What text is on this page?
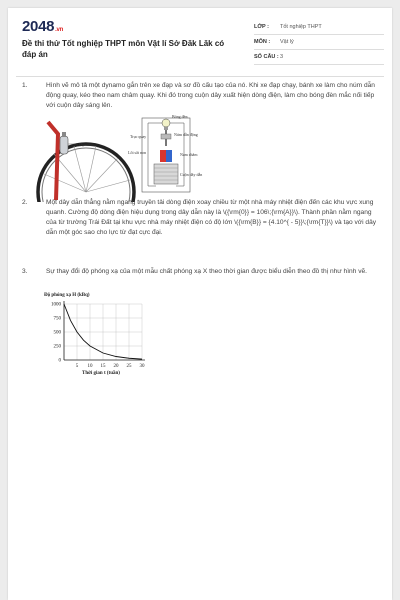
2048.vn
Đề thi thử Tốt nghiệp THPT môn Vật lí Sở Đăk Lăk có đáp án
LỚP :	Tốt nghiệp THPT
MÔN :	Vật lý
SỐ CÂU : 3
1.	Hình vẽ mô tả một dynamo gắn trên xe đạp và sơ đồ cấu tạo của nó. Khi xe đạp chạy, bánh xe làm cho núm dẫn động quay, kéo theo nam châm quay. Khi đó trong cuộn dây xuất hiện dòng điện, làm cho bóng đèn mắc nối tiếp với cuộn dây sáng lên.
Dynamo
Trục quay
Lõi sắt non
Bóng đèn
Núm dẫn động
Nam châm
Cuộn dây dẫn
2.	Một dây dẫn thẳng nằm ngang truyền tải dòng điện xoay chiều từ một nhà máy nhiệt điện đến các khu vực xung quanh. Cường độ dòng điện hiệu dụng trong dây dẫn này là \({\rm{0}} = 106\;{\rm{A}}\). Thành phần nằm ngang của từ trường Trái Đất tại khu vực nhà máy nhiệt điện có độ lớn \({\rm{B}} = {4.10^{ - 5}}\;{\rm{T}}\) và tạo với dây dẫn một góc sao cho lực từ đạt cực đại.
3.	Sự thay đổi độ phóng xạ của một mẫu chất phóng xạ X theo thời gian được biểu diễn theo đồ thị như hình vẽ.
Độ phóng xạ H (kBq)
Thời gian t (tuần)
5 10 15 20 25 30
0
250
500
750
1000
